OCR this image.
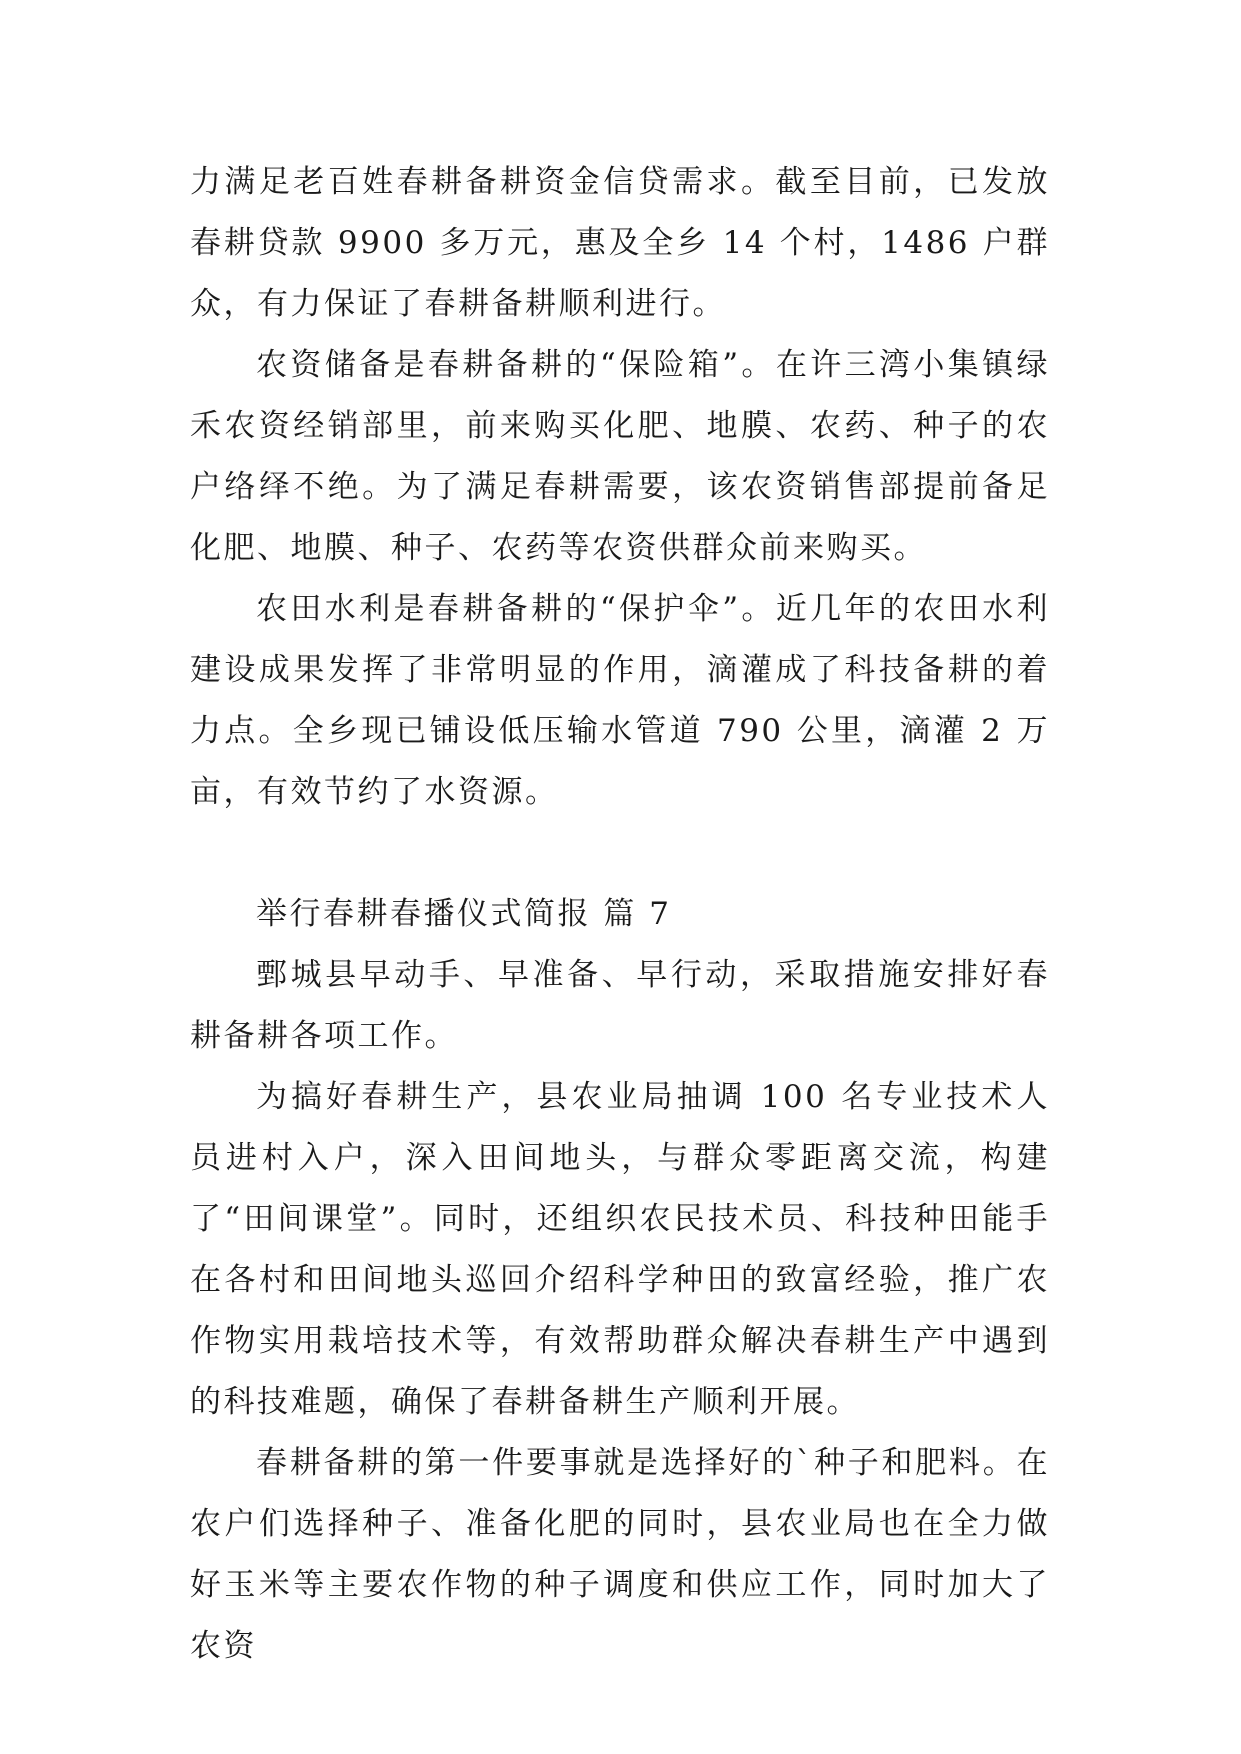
力满足老百姓春耕备耕资金信贷需求。截至目前，已发放春耕贷款 9900 多万元，惠及全乡 14 个村，1486 户群众，有力保证了春耕备耕顺利进行。

农资储备是春耕备耕的“保险箱”。在许三湾小集镇绿禾农资经销部里，前来购买化肥、地膜、农药、种子的农户络绎不绝。为了满足春耕需要，该农资销售部提前备足化肥、地膜、种子、农药等农资供群众前来购买。

农田水利是春耕备耕的“保护伞”。近几年的农田水利建设成果发挥了非常明显的作用，滴灌成了科技备耕的着力点。全乡现已铺设低压输水管道 790 公里，滴灌 2 万亩，有效节约了水资源。

举行春耕春播仪式简报 篇 7

鄄城县早动手、早准备、早行动，采取措施安排好春耕备耕各项工作。

为搞好春耕生产，县农业局抽调 100 名专业技术人员进村入户，深入田间地头，与群众零距离交流，构建了“田间课堂”。同时，还组织农民技术员、科技种田能手在各村和田间地头巡回介绍科学种田的致富经验，推广农作物实用栽培技术等，有效帮助群众解决春耕生产中遇到的科技难题，确保了春耕备耕生产顺利开展。

春耕备耕的第一件要事就是选择好的`种子和肥料。在农户们选择种子、准备化肥的同时，县农业局也在全力做好玉米等主要农作物的种子调度和供应工作，同时加大了农资
